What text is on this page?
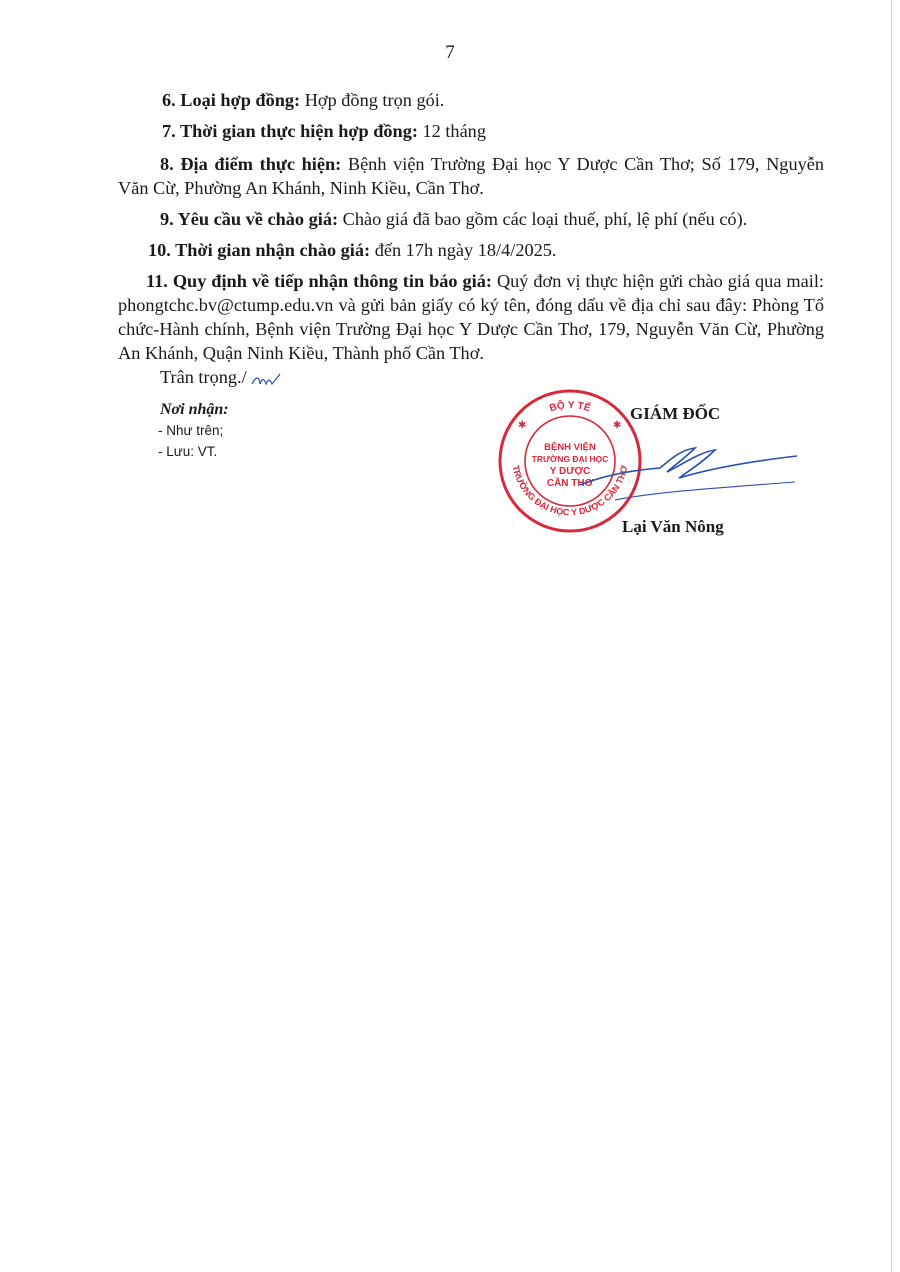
7
6. Loại hợp đồng: Hợp đồng trọn gói.
7. Thời gian thực hiện hợp đồng: 12 tháng
8. Địa điểm thực hiện: Bệnh viện Trường Đại học Y Dược Cần Thơ; Số 179, Nguyễn Văn Cừ, Phường An Khánh, Ninh Kiều, Cần Thơ.
9. Yêu cầu về chào giá: Chào giá đã bao gồm các loại thuế, phí, lệ phí (nếu có).
10. Thời gian nhận chào giá: đến 17h ngày 18/4/2025.
11. Quy định về tiếp nhận thông tin báo giá: Quý đơn vị thực hiện gửi chào giá qua mail: phongtchc.bv@ctump.edu.vn và gửi bản giấy có ký tên, đóng dấu về địa chỉ sau đây: Phòng Tổ chức-Hành chính, Bệnh viện Trường Đại học Y Dược Cần Thơ, 179, Nguyễn Văn Cừ, Phường An Khánh, Quận Ninh Kiều, Thành phố Cần Thơ.
Trân trọng./
Nơi nhận:
- Như trên;
- Lưu: VT.
BỘ Y TẾ
TRƯỜNG ĐẠI HỌC Y DƯỢC CẦN THƠ
BỆNH VIỆN
TRƯỜNG ĐẠI HỌC
Y DƯỢC
CẦN THƠ
✱	✱
GIÁM ĐỐC
Lại Văn Nông
